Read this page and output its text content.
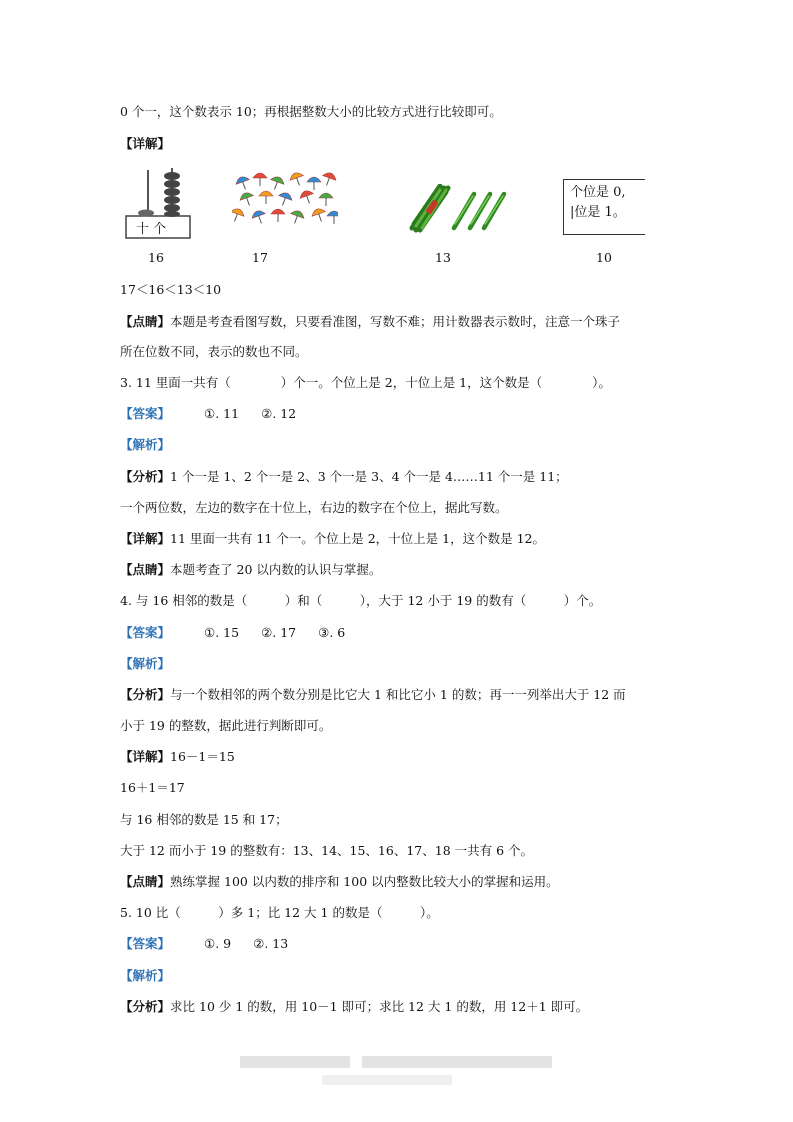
0 个一，这个数表示 10；再根据整数大小的比较方式进行比较即可。
【详解】
十 个
个位是 0,
|位是 1。
16	17	13	10
17＜16＜13＜10
【点睛】本题是考查看图写数，只要看准图，写数不难；用计数器表示数时，注意一个珠子
所在位数不同，表示的数也不同。
3. 11 里面一共有（　　　　）个一。个位上是 2，十位上是 1，这个数是（　　　　）。
【答案】	①. 11 ②. 12
【解析】
【分析】1 个一是 1、2 个一是 2、3 个一是 3、4 个一是 4……11 个一是 11；
一个两位数，左边的数字在十位上，右边的数字在个位上，据此写数。
【详解】11 里面一共有 11 个一。个位上是 2，十位上是 1，这个数是 12。
【点睛】本题考查了 20 以内数的认识与掌握。
4. 与 16 相邻的数是（　　　）和（　　　），大于 12 小于 19 的数有（　　　）个。
【答案】	①. 15 ②. 17 ③. 6
【解析】
【分析】与一个数相邻的两个数分别是比它大 1 和比它小 1 的数；再一一列举出大于 12 而
小于 19 的整数，据此进行判断即可。
【详解】16－1＝15
16＋1＝17
与 16 相邻的数是 15 和 17；
大于 12 而小于 19 的整数有：13、14、15、16、17、18 一共有 6 个。
【点睛】熟练掌握 100 以内数的排序和 100 以内整数比较大小的掌握和运用。
5. 10 比（　　　）多 1；比 12 大 1 的数是（　　　）。
【答案】	①. 9 ②. 13
【解析】
【分析】求比 10 少 1 的数，用 10－1 即可；求比 12 大 1 的数，用 12＋1 即可。
